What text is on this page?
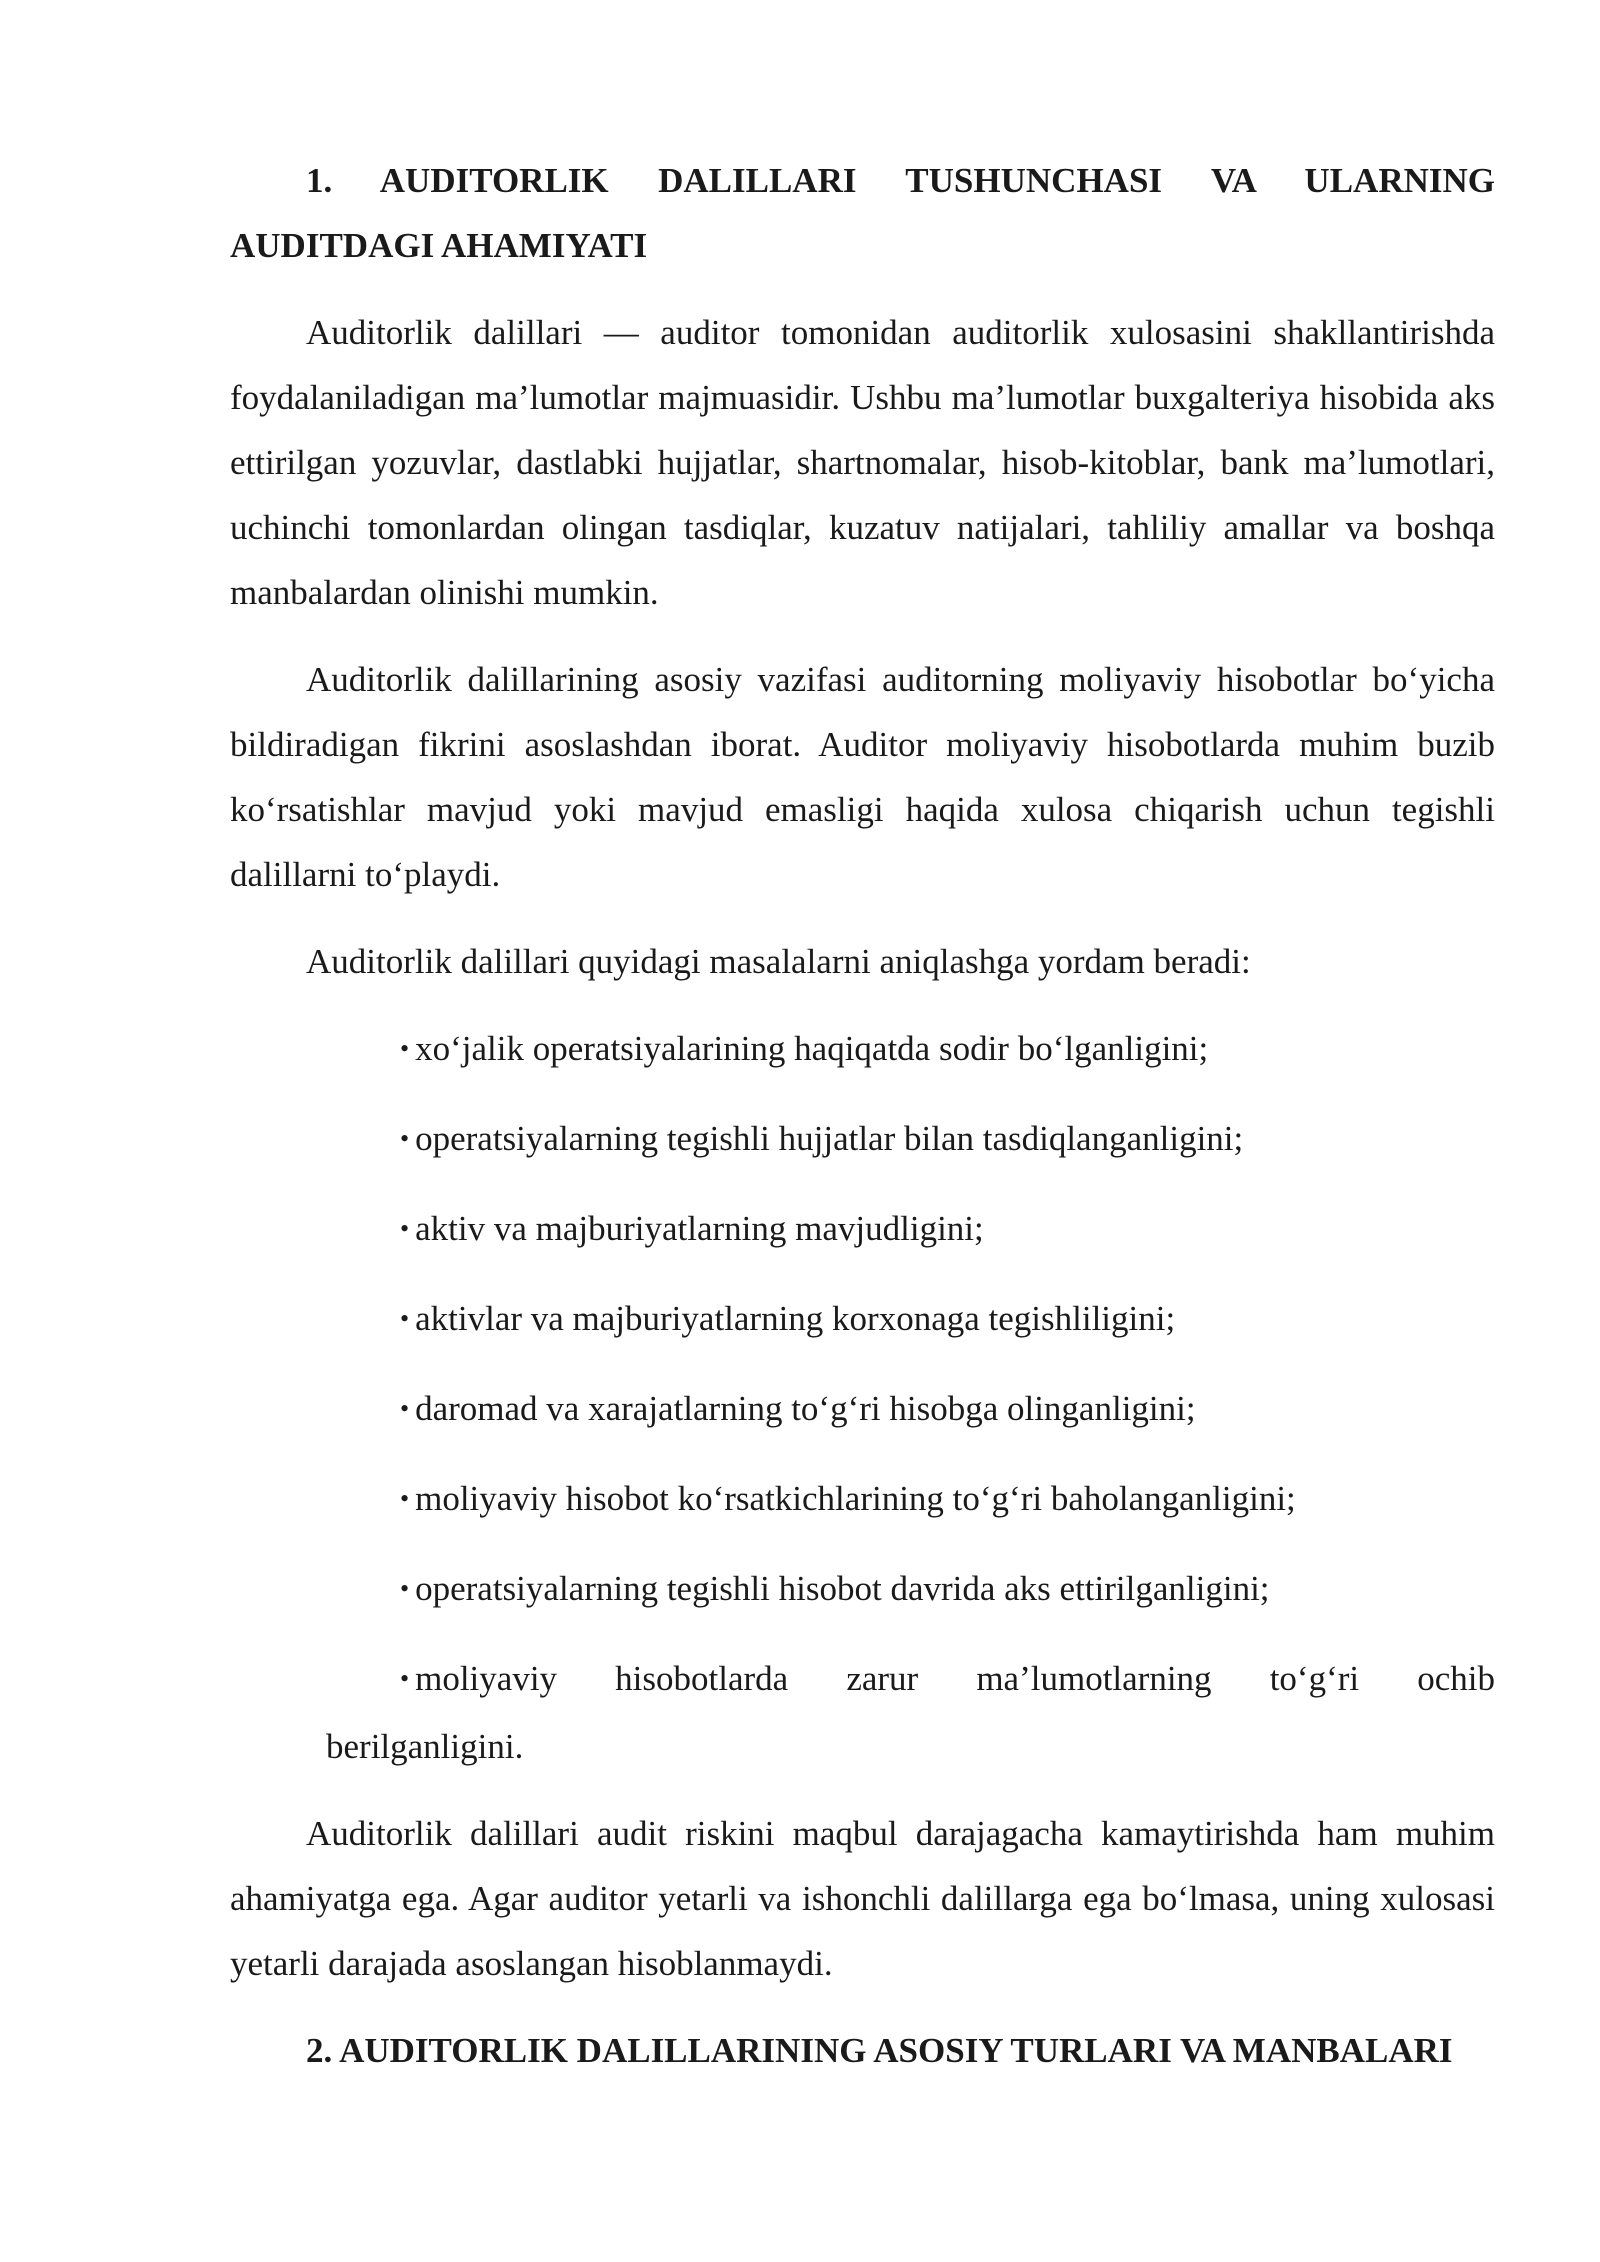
1. AUDITORLIK DALILLARI TUSHUNCHASI VA ULARNING AUDITDAGI AHAMIYATI

Auditorlik dalillari — auditor tomonidan auditorlik xulosasini shakllantirishda foydalaniladigan ma’lumotlar majmuasidir. Ushbu ma’lumotlar buxgalteriya hisobida aks ettirilgan yozuvlar, dastlabki hujjatlar, shartnomalar, hisob-kitoblar, bank ma’lumotlari, uchinchi tomonlardan olingan tasdiqlar, kuzatuv natijalari, tahliliy amallar va boshqa manbalardan olinishi mumkin.

Auditorlik dalillarining asosiy vazifasi auditorning moliyaviy hisobotlar bo‘yicha bildiradigan fikrini asoslashdan iborat. Auditor moliyaviy hisobotlarda muhim buzib ko‘rsatishlar mavjud yoki mavjud emasligi haqida xulosa chiqarish uchun tegishli dalillarni to‘playdi.

Auditorlik dalillari quyidagi masalalarni aniqlashga yordam beradi:

• xo‘jalik operatsiyalarining haqiqatda sodir bo‘lganligini;
• operatsiyalarning tegishli hujjatlar bilan tasdiqlanganligini;
• aktiv va majburiyatlarning mavjudligini;
• aktivlar va majburiyatlarning korxonaga tegishliligini;
• daromad va xarajatlarning to‘g‘ri hisobga olinganligini;
• moliyaviy hisobot ko‘rsatkichlarining to‘g‘ri baholanganligini;
• operatsiyalarning tegishli hisobot davrida aks ettirilganligini;
• moliyaviy hisobotlarda zarur ma’lumotlarning to‘g‘ri ochib
berilganligini.

Auditorlik dalillari audit riskini maqbul darajagacha kamaytirishda ham muhim ahamiyatga ega. Agar auditor yetarli va ishonchli dalillarga ega bo‘lmasa, uning xulosasi yetarli darajada asoslangan hisoblanmaydi.

2. AUDITORLIK DALILLARINING ASOSIY TURLARI VA MANBALARI
